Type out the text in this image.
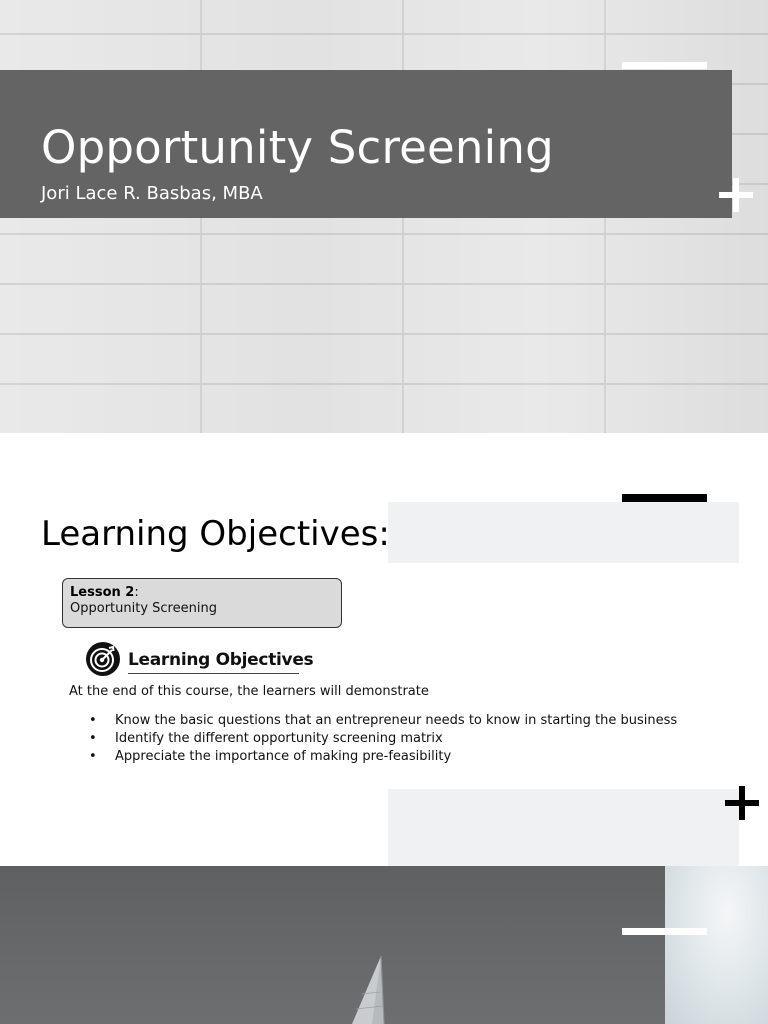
Opportunity Screening

Jori Lace R. Basbas, MBA

Learning Objectives:
Lesson 2:
Opportunity Screening
Learning Objectives

At the end of this course, the learners will demonstrate

• Know the basic questions that an entrepreneur needs to know in starting the business
• Identify the different opportunity screening matrix
• Appreciate the importance of making pre-feasibility
